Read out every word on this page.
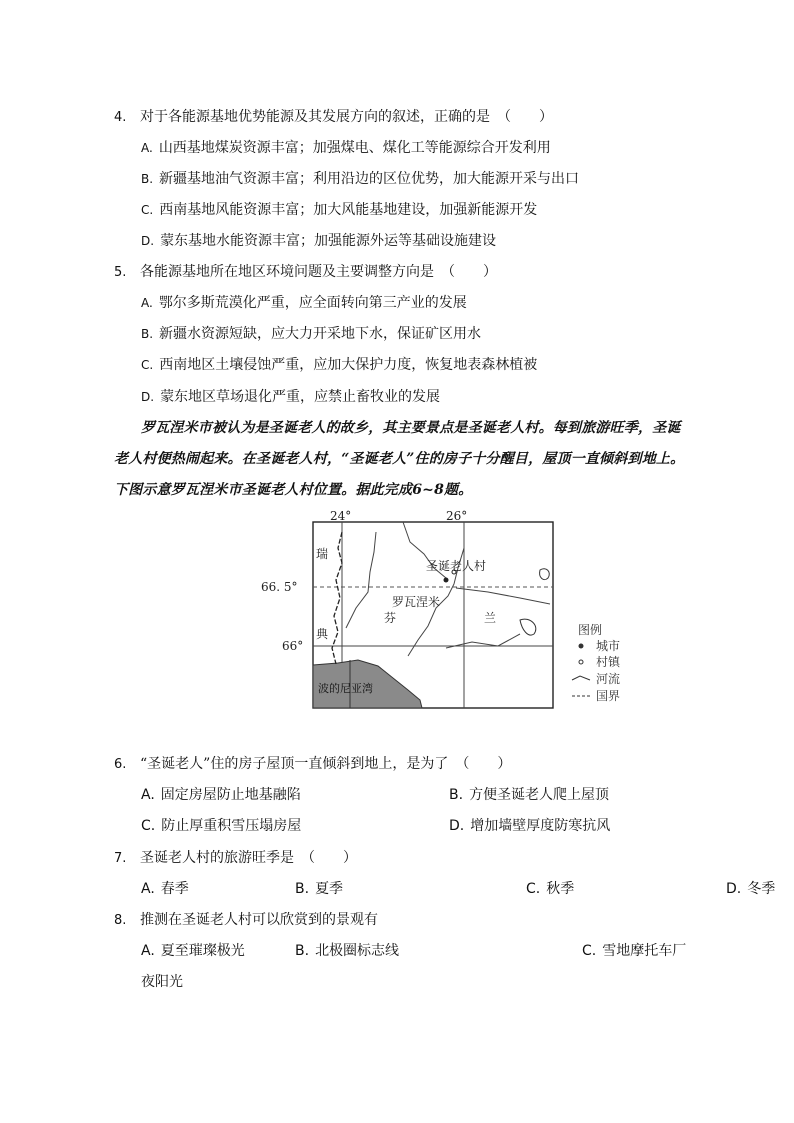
4. 对于各能源基地优势能源及其发展方向的叙述，正确的是　（　　）
A. 山西基地煤炭资源丰富；加强煤电、煤化工等能源综合开发利用
B. 新疆基地油气资源丰富；利用沿边的区位优势，加大能源开采与出口
C. 西南基地风能资源丰富；加大风能基地建设，加强新能源开发
D. 蒙东基地水能资源丰富；加强能源外运等基础设施建设
5. 各能源基地所在地区环境问题及主要调整方向是　（　　）
A. 鄂尔多斯荒漠化严重，应全面转向第三产业的发展
B. 新疆水资源短缺，应大力开采地下水，保证矿区用水
C. 西南地区土壤侵蚀严重，应加大保护力度，恢复地表森林植被
D. 蒙东地区草场退化严重，应禁止畜牧业的发展
罗瓦涅米市被认为是圣诞老人的故乡，其主要景点是圣诞老人村。每到旅游旺季，圣诞
老人村便热闹起来。在圣诞老人村，“圣诞老人”住的房子十分醒目，屋顶一直倾斜到地上。
下图示意罗瓦涅米市圣诞老人村位置。据此完成6~8题。
24°	26°
66. 5°
66°
圣诞老人村
罗瓦涅米
瑞
典
芬	兰
波的尼亚湾
图例
城市
村镇
河流
国界
6. “圣诞老人”住的房子屋顶一直倾斜到地上，是为了　（　　）
A. 固定房屋防止地基融陷	B. 方便圣诞老人爬上屋顶
C. 防止厚重积雪压塌房屋	D. 增加墙壁厚度防寒抗风
7. 圣诞老人村的旅游旺季是　（　　）
A. 春季	B. 夏季	C. 秋季	D. 冬季
8. 推测在圣诞老人村可以欣赏到的景观有
A. 夏至璀璨极光	B. 北极圈标志线	C. 雪地摩托车厂
夜阳光
